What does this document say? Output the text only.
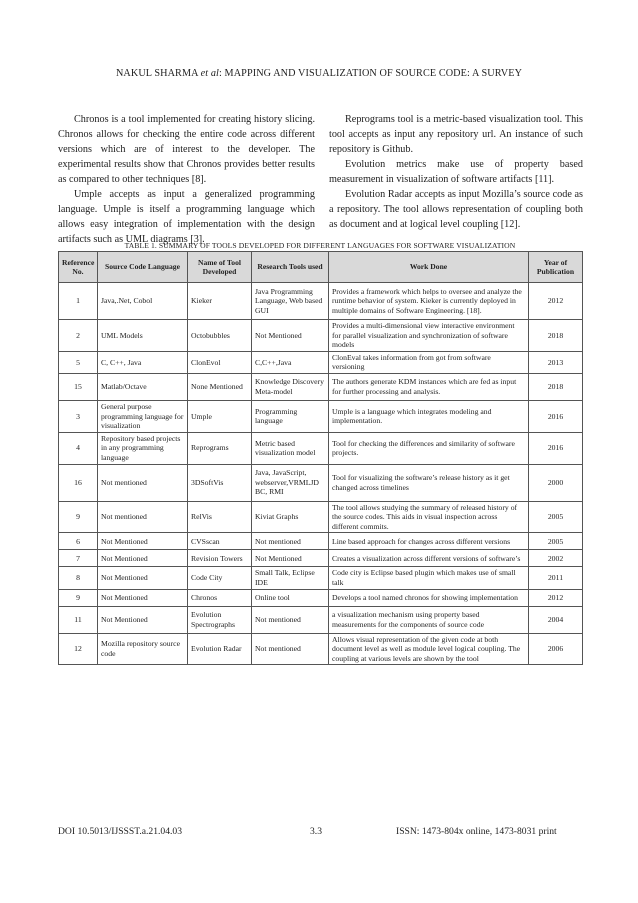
NAKUL SHARMA et al: MAPPING AND VISUALIZATION OF SOURCE CODE: A SURVEY

Chronos is a tool implemented for creating history slicing. Chronos allows for checking the entire code across different versions which are of interest to the developer. The experimental results show that Chronos provides better results as compared to other techniques [8].

Umple accepts as input a generalized programming language. Umple is itself a programming language which allows easy integration of implementation with the design artifacts such as UML diagrams [3].

Reprograms tool is a metric-based visualization tool. This tool accepts as input any repository url. An instance of such repository is Github.

Evolution metrics make use of property based measurement in visualization of software artifacts [11].

Evolution Radar accepts as input Mozilla’s source code as a repository. The tool allows representation of coupling both as document and at logical level coupling [12].

TABLE 1. SUMMARY OF TOOLS DEVELOPED FOR DIFFERENT LANGUAGES FOR SOFTWARE VISUALIZATION
Reference No.	Source Code Language	Name of Tool Developed	Research Tools used	Work Done	Year of Publication
1	Java,.Net, Cobol	Kieker	Java Programming Language, Web based GUI	Provides a framework which helps to oversee and analyze the runtime behavior of system. Kieker is currently deployed in multiple domains of Software Engineering. [18].	2012
2	UML Models	Octobubbles	Not Mentioned	Provides a multi-dimensional view interactive environment for parallel visualization and synchronization of software models	2018
5	C, C++, Java	ClonEvol	C,C++,Java	ClonEval takes information from got from software versioning	2013
15	Matlab/Octave	None Mentioned	Knowledge Discovery Meta-model	The authors generate KDM instances which are fed as input for further processing and analysis.	2018
3	General purpose programming language for visualization	Umple	Programming language	Umple is a language which integrates modeling and implementation.	2016
4	Repository based projects in any programming language	Reprograms	Metric based visualization model	Tool for checking the differences and similarity of software projects.	2016
16	Not mentioned	3DSoftVis	Java, JavaScript, webserver,VRMLJD BC, RMI	Tool for visualizing the software’s release history as it get changed across timelines	2000
9	Not mentioned	RelVis	Kiviat Graphs	The tool allows studying the summary of released history of the source codes. This aids in visual inspection across different commits.	2005
6	Not Mentioned	CVSscan	Not mentioned	Line based approach for changes across different versions	2005
7	Not Mentioned	Revision Towers	Not Mentioned	Creates a visualization across different versions of software’s	2002
8	Not Mentioned	Code City	Small Talk, Eclipse IDE	Code city is Eclipse based plugin which makes use of small talk	2011
9	Not Mentioned	Chronos	Online tool	Develops a tool named chronos for showing implementation	2012
11	Not Mentioned	Evolution Spectrographs	Not mentioned	a visualization mechanism using property based measurements for the components of source code	2004
12	Mozilla repository source code	Evolution Radar	Not mentioned	Allows visual representation of the given code at both document level as well as module level logical coupling. The coupling at various levels are shown by the tool	2006
DOI 10.5013/IJSSST.a.21.04.03	3.3	ISSN: 1473-804x online, 1473-8031 print
